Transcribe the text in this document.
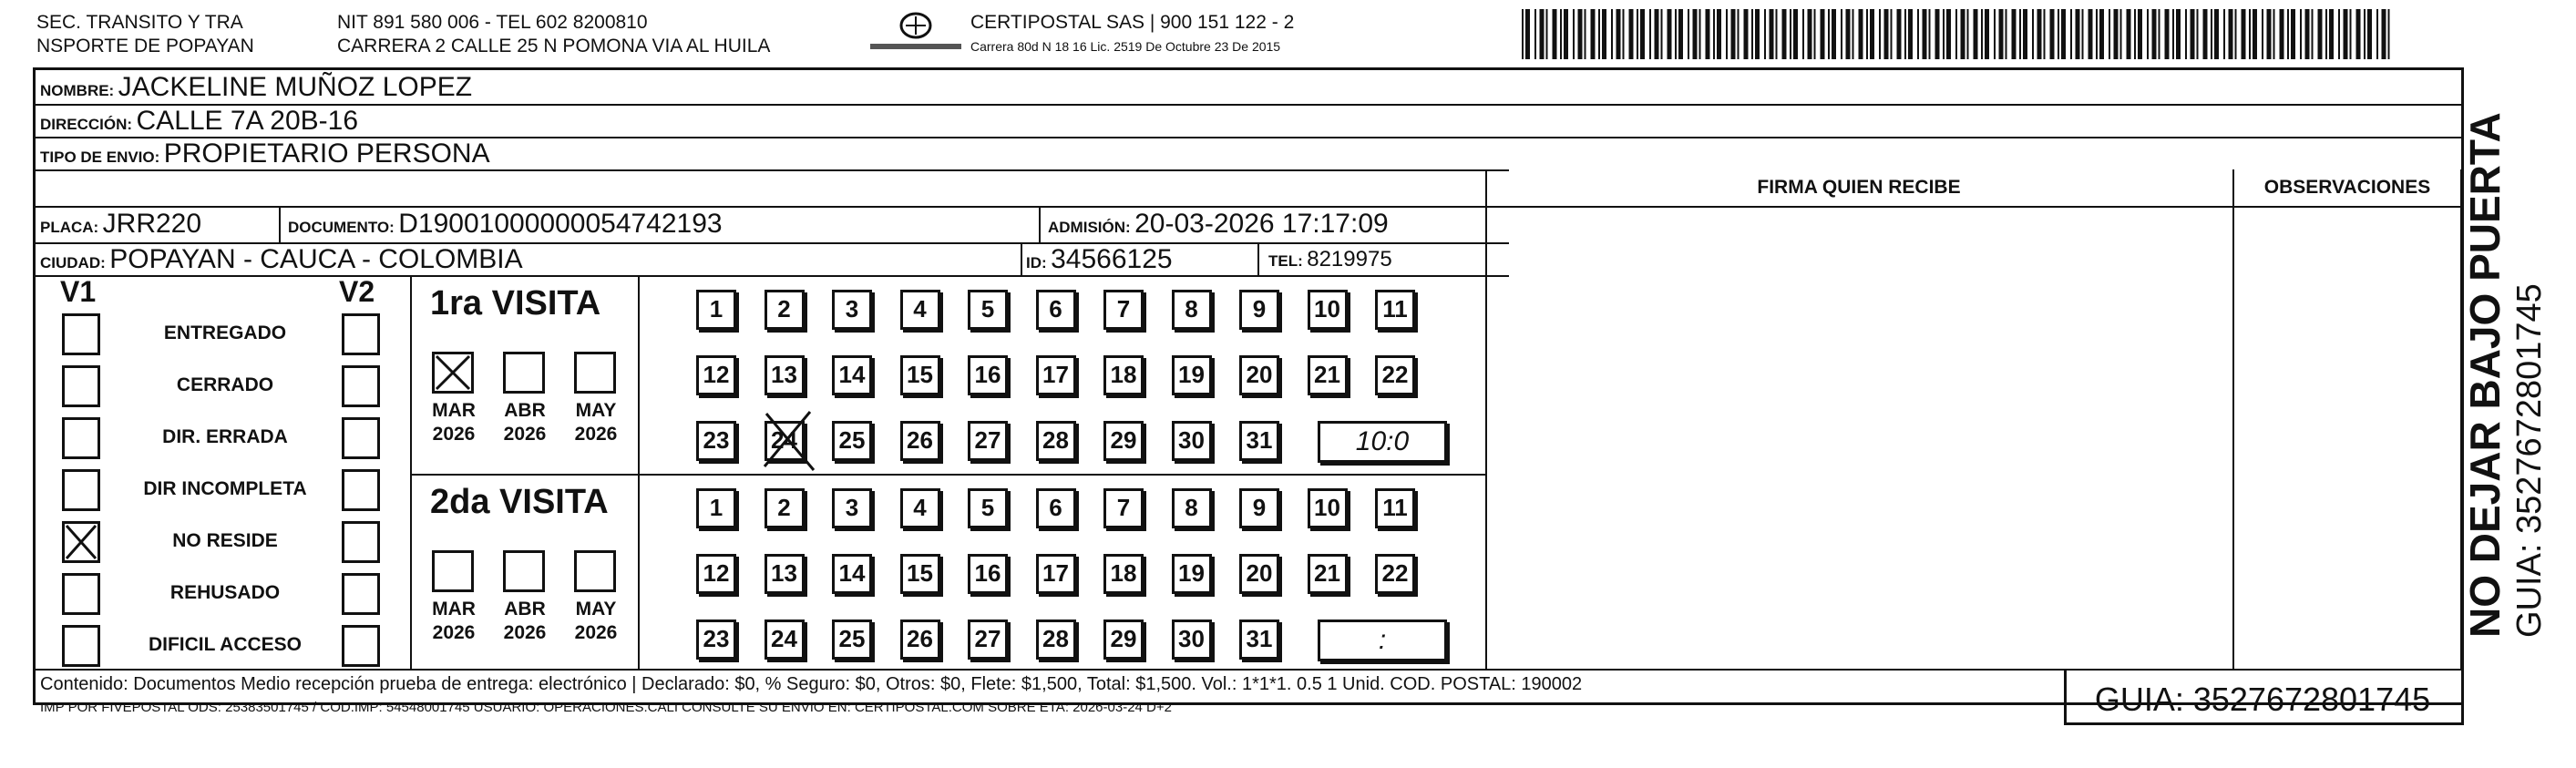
SEC. TRANSITO Y TRA
NSPORTE DE POPAYAN
NIT 891 580 006 - TEL 602 8200810
CARRERA 2 CALLE 25 N POMONA VIA AL HUILA
CERTIPOSTAL SAS | 900 151 122 - 2
Carrera 80d N 18 16 Lic. 2519 De Octubre 23 De 2015
NOMBRE: JACKELINE MUÑOZ LOPEZ
DIRECCIÓN: CALLE 7A 20B-16
TIPO DE ENVIO: PROPIETARIO PERSONA
FIRMA QUIEN RECIBE	OBSERVACIONES
PLACA: JRR220	DOCUMENTO: D19001000000054742193	ADMISIÓN: 20-03-2026 17:17:09
CIUDAD: POPAYAN - CAUCA - COLOMBIA	ID: 34566125	TEL: 8219975
V1	V2
ENTREGADO
CERRADO
DIR. ERRADA
DIR INCOMPLETA
NO RESIDE
REHUSADO
DIFICIL ACCESO
1ra VISITA
MAR
2026
ABR
2026
MAY
2026
1	2	3	4	5	6	7	8	9	10	11
12 13 14 15 16 17 18 19 20 21 22
23 24 25 26 27 28 29 30 31	10:0
2da VISITA
MAR
2026
ABR
2026
MAY
2026
1	2	3	4	5	6	7	8	9	10	11
12 13 14 15 16 17 18 19 20 21 22
23 24 25 26 27 28 29 30 31	:
Contenido: Documentos Medio recepción prueba de entrega: electrónico | Declarado: $0, % Seguro: $0, Otros: $0, Flete: $1,500, Total: $1,500. Vol.: 1*1*1. 0.5 1 Unid. COD. POSTAL: 190002
IMP POR FIVEPOSTAL ODS: 25383501745 / COD.IMP: 54548001745 USUARIO: OPERACIONES.CALI CONSULTE SU ENVIO EN: CERTIPOSTAL.COM SOBRE ETA: 2026-03-24 D+2	GUIA: 3527672801745
NO DEJAR BAJO PUERTA GUIA: 3527672801745
